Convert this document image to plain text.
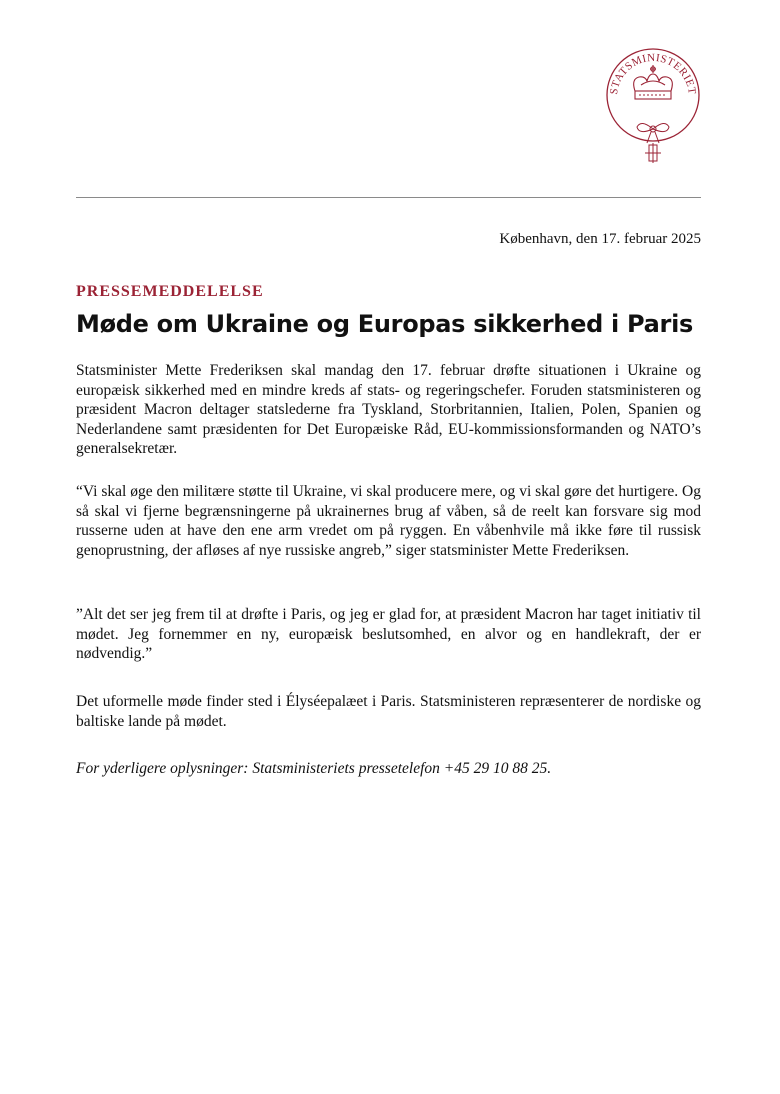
STATSMINISTERIET
København, den 17. februar 2025
PRESSEMEDDELELSE
Møde om Ukraine og Europas sikkerhed i Paris

Statsminister Mette Frederiksen skal mandag den 17. februar drøfte situationen i Ukraine og europæisk sikkerhed med en mindre kreds af stats- og regeringschefer. Foruden statsministeren og præsident Macron deltager statslederne fra Tyskland, Storbritannien, Italien, Polen, Spanien og Nederlandene samt præsidenten for Det Europæiske Råd, EU-kommissionsformanden og NATO’s generalsekretær.

“Vi skal øge den militære støtte til Ukraine, vi skal producere mere, og vi skal gøre det hurtigere. Og så skal vi fjerne begrænsningerne på ukrainernes brug af våben, så de reelt kan forsvare sig mod russerne uden at have den ene arm vredet om på ryggen. En våbenhvile må ikke føre til russisk genoprustning, der afløses af nye russiske angreb,” siger statsminister Mette Frederiksen.

”Alt det ser jeg frem til at drøfte i Paris, og jeg er glad for, at præsident Macron har taget initiativ til mødet. Jeg fornemmer en ny, europæisk beslutsomhed, en alvor og en handlekraft, der er nødvendig.”

Det uformelle møde finder sted i Élyséepalæet i Paris. Statsministeren repræsenterer de nordiske og baltiske lande på mødet.

For yderligere oplysninger: Statsministeriets pressetelefon +45 29 10 88 25.
